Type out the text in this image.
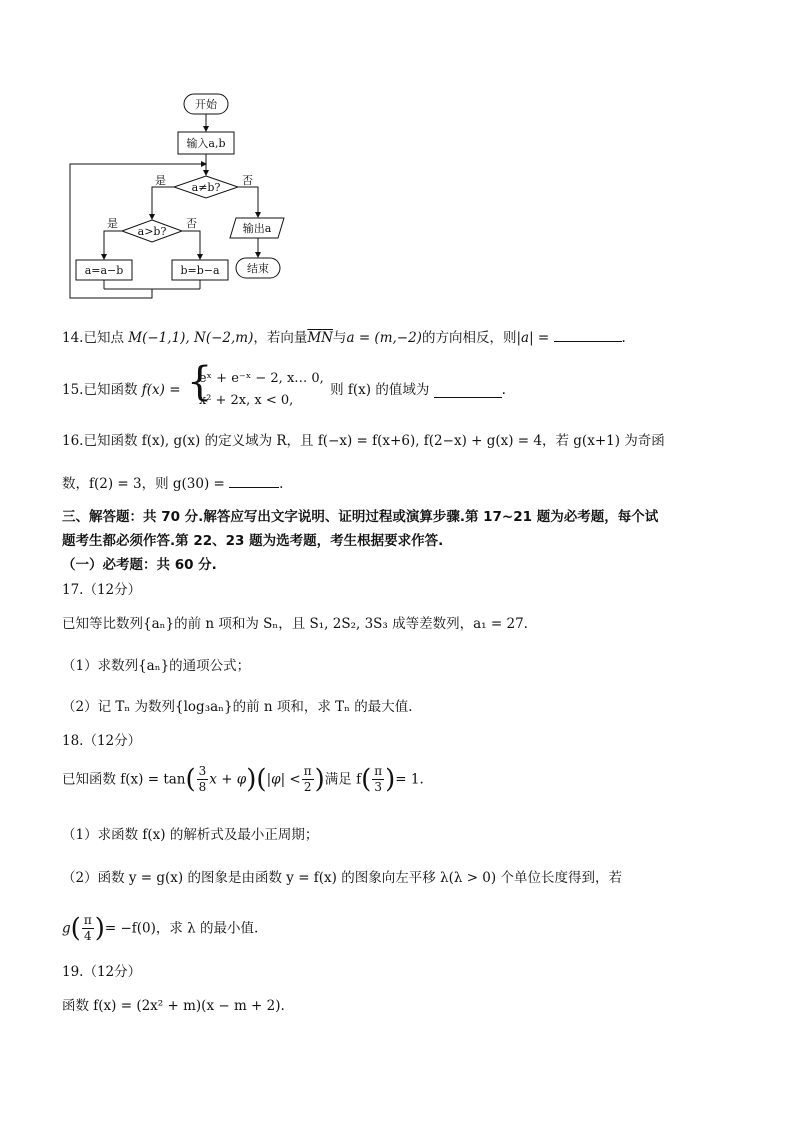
开始
输入a,b
a≠b?
是	否
a>b?
是	否
a=a−b	b=b−a
输出a
结束
14.已知点 M(−1,1), N(−2,m)，若向量$\overline{MN}$与a = (m,−2)的方向相反，则|a| =	.
15.已知函数 f(x) = {
eˣ + e⁻ˣ − 2, x… 0,
x² + 2x, x < 0,
则 f(x) 的值域为	.
16.已知函数 f(x), g(x) 的定义域为 R，且 f(−x) = f(x+6), f(2−x) + g(x) = 4，若 g(x+1) 为奇函
数，f(2) = 3，则 g(30) =	.
三、解答题：共 70 分.解答应写出文字说明、证明过程或演算步骤.第 17~21 题为必考题，每个试
题考生都必须作答.第 22、23 题为选考题，考生根据要求作答.
（一）必考题：共 60 分.
17.（12分）
已知等比数列{aₙ}的前 n 项和为 Sₙ，且 S₁, 2S₂, 3S₃ 成等差数列，a₁ = 27.
（1）求数列{aₙ}的通项公式；
（2）记 Tₙ 为数列{log₃aₙ}的前 n 项和，求 Tₙ 的最大值.
18.（12分）
已知函数 $f(x) = \tan( \frac{3}{8}$ $x + \varphi)(|\varphi| < \frac{\pi}{2}$ )满足 $f( \frac{\pi}{3}$ )= 1.
（1）求函数 f(x) 的解析式及最小正周期；
（2）函数 y = g(x) 的图象是由函数 y = f(x) 的图象向左平移 λ(λ > 0) 个单位长度得到，若
$g( \frac{\pi}{4}$ )= −f(0)，求 λ 的最小值.
19.（12分）
函数 f(x) = (2x² + m)(x − m + 2).
